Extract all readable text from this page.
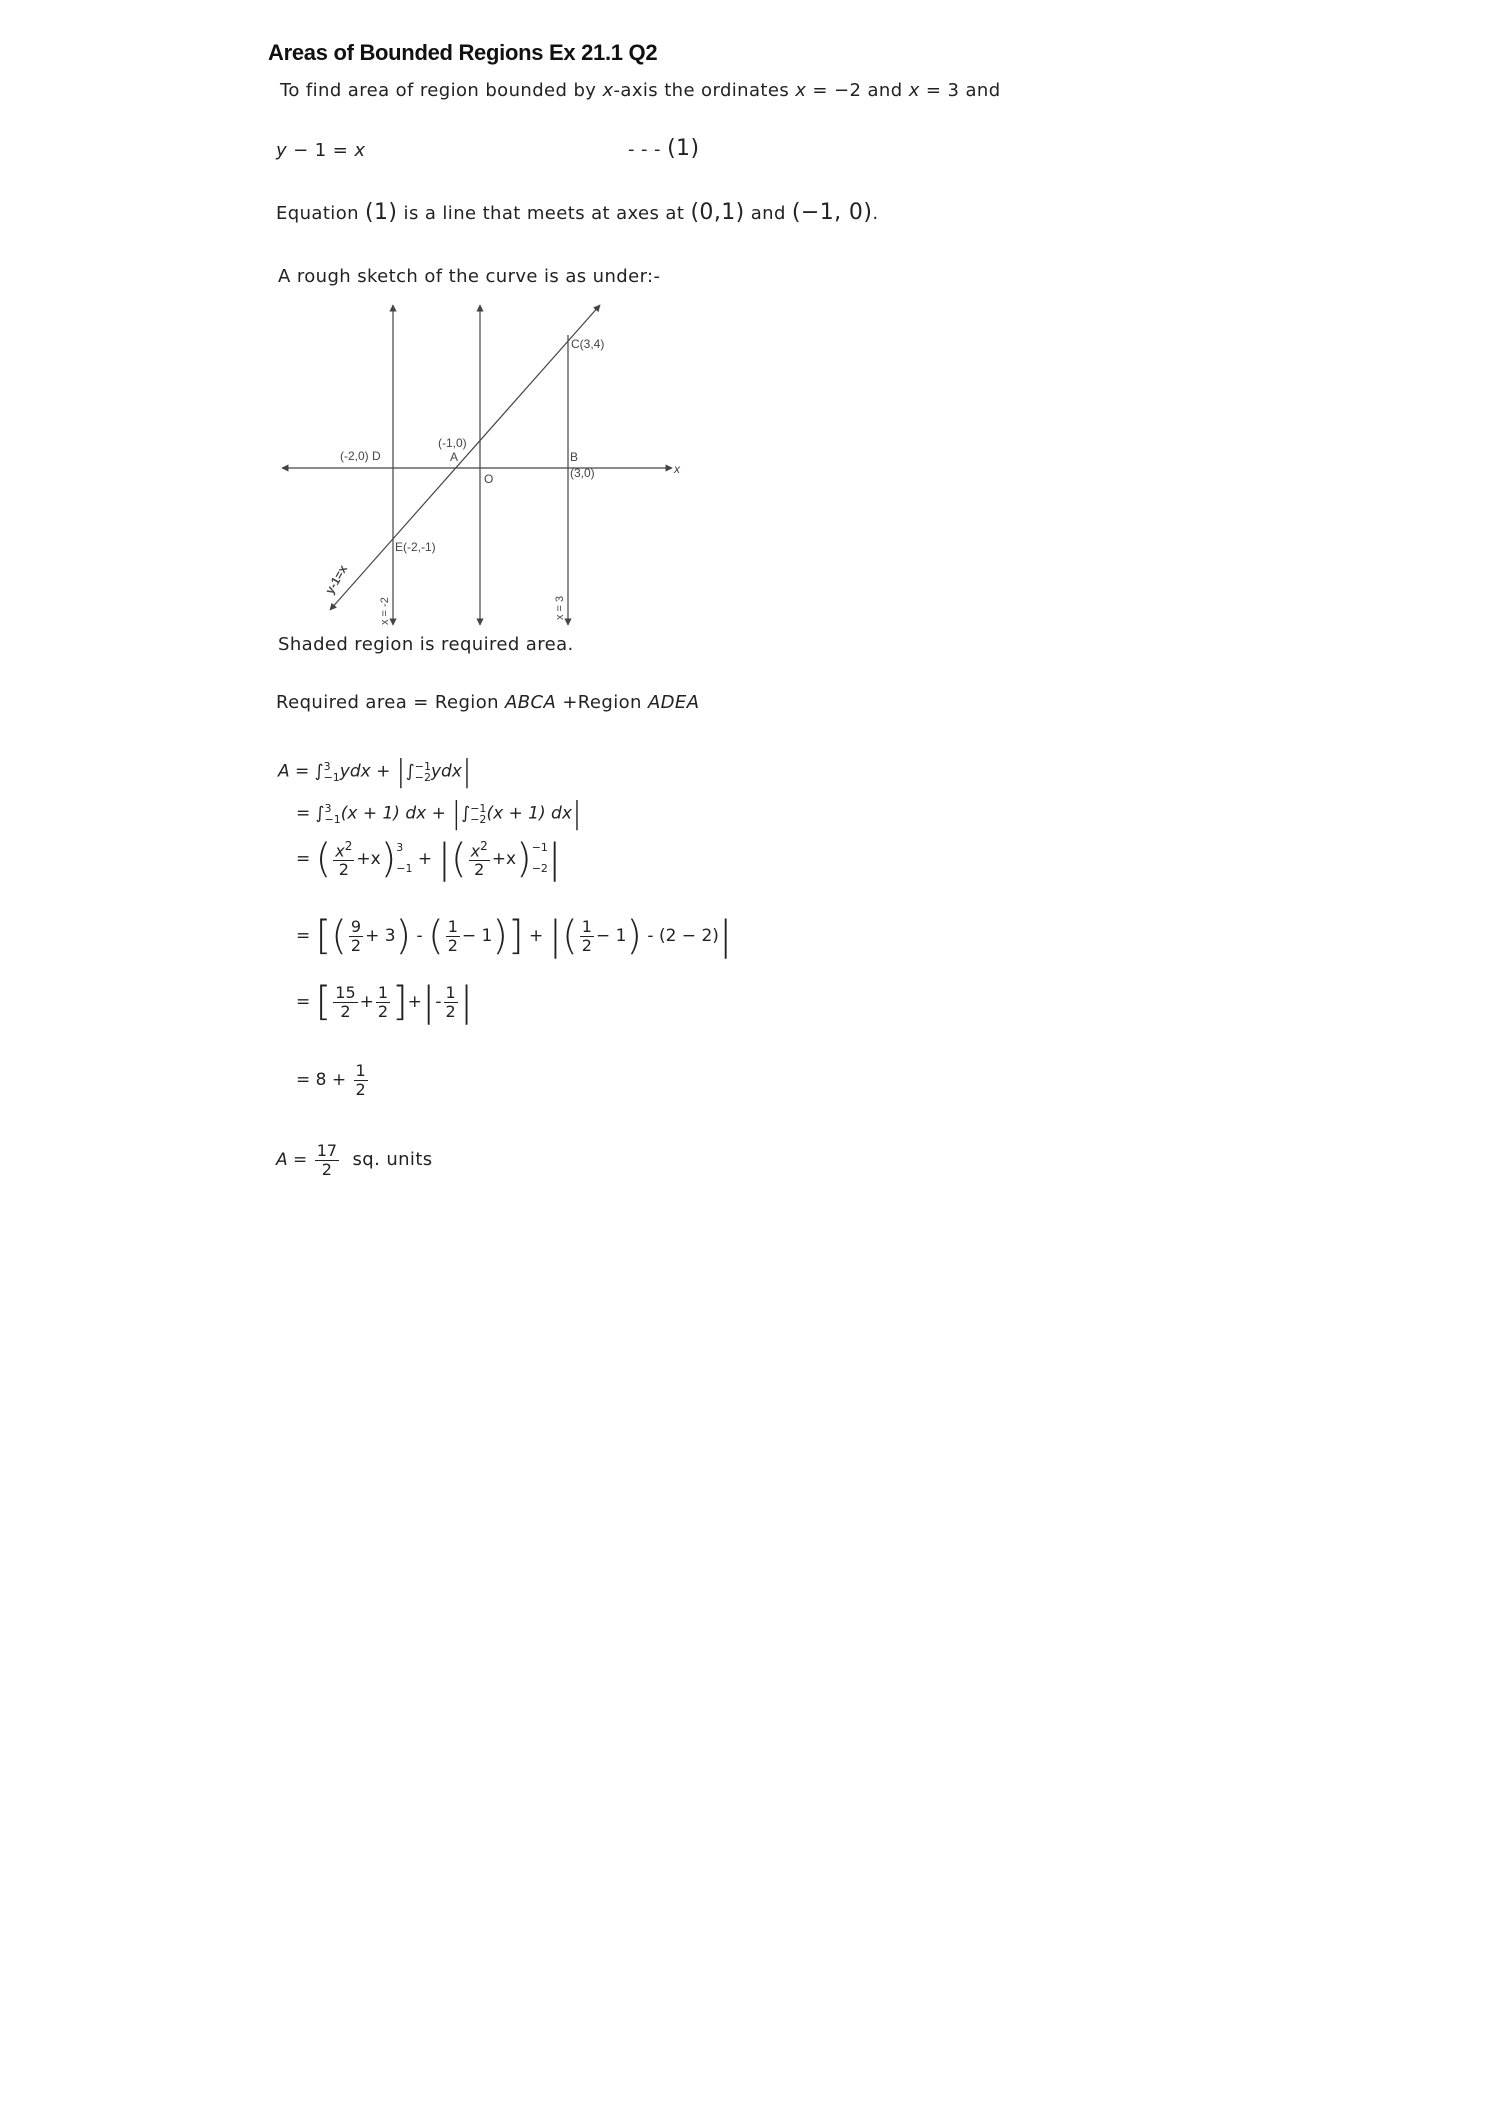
Areas of Bounded Regions Ex 21.1 Q2
To find area of region bounded by x-axis the ordinates x = −2 and x = 3 and
y − 1 = x	- - - (1)
Equation (1) is a line that meets at axes at (0,1) and (−1, 0).
A rough sketch of the curve is as under:-
C(3,4)
(-1,0)
A
(-2,0) D
O
B
(3,0)
E(-2,-1)
x
y-1=x
x = -2	x = 3
Shaded region is required area.
Required area = Region ABCA +Region ADEA
A = ∫ 3
−1 ydx + |∫ −1
−2 ydx|
= ∫ 3
−1 (x + 1) dx + |∫ −1
−2 (x + 1) dx|
= ( $\frac{x^2}{2} +x$) 3
−1 + |( $\frac{x^2}{2} +x) -1$
−2 |
= [( $\frac{9}{2} + 3$) - ( $\frac{1}{2} - 1$)] + |( $\frac{1}{2} - 1) - (2 - 2)|$
= [ $\frac{15}{2} + \frac{1}{2}$ ]+|- $\frac{1}{2}$ |
= $8 + \frac{1}{2}$
$A = \frac{17}{2}$ sq. units
